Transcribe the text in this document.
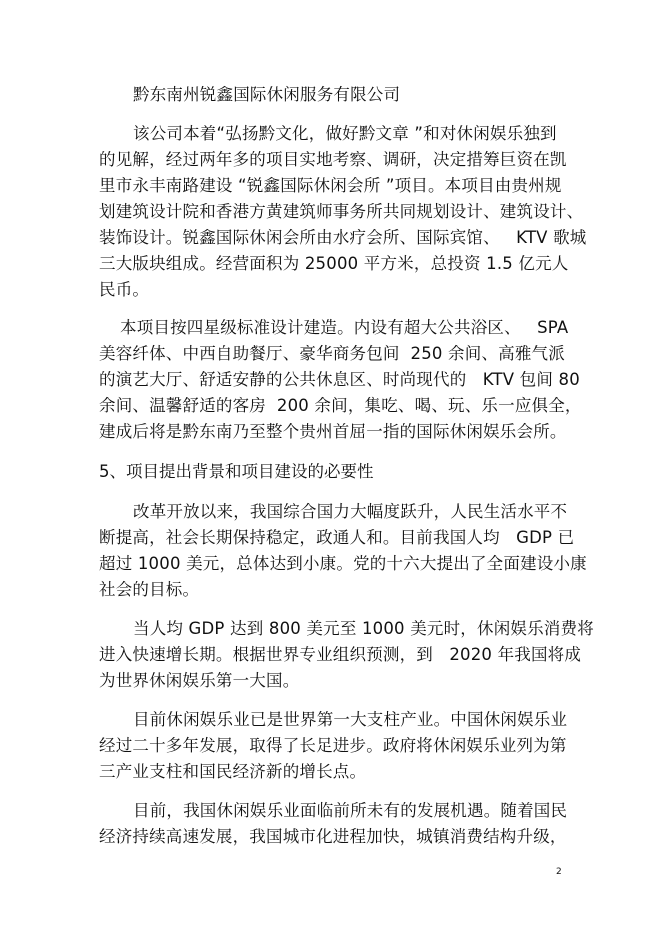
黔东南州锐鑫国际休闲服务有限公司
该公司本着“弘扬黔文化，做好黔文章 ”和对休闲娱乐独到
的见解，经过两年多的项目实地考察、调研，决定措筹巨资在凯
里市永丰南路建设 “锐鑫国际休闲会所 ”项目。本项目由贵州规
划建筑设计院和香港方黄建筑师事务所共同规划设计、建筑设计、
装饰设计。锐鑫国际休闲会所由水疗会所、国际宾馆、   KTV 歌城
三大版块组成。经营面积为 25000 平方米，总投资 1.5 亿元人
民币。
本项目按四星级标准设计建造。内设有超大公共浴区、   SPA
美容纤体、中西自助餐厅、豪华商务包间  250 余间、高雅气派
的演艺大厅、舒适安静的公共休息区、时尚现代的   KTV 包间 80
余间、温馨舒适的客房  200 余间，集吃、喝、玩、乐一应俱全，
建成后将是黔东南乃至整个贵州首屈一指的国际休闲娱乐会所。
5、项目提出背景和项目建设的必要性
改革开放以来，我国综合国力大幅度跃升，人民生活水平不
断提高，社会长期保持稳定，政通人和。目前我国人均   GDP 已
超过 1000 美元，总体达到小康。党的十六大提出了全面建设小康
社会的目标。
当人均 GDP 达到 800 美元至 1000 美元时，休闲娱乐消费将
进入快速增长期。根据世界专业组织预测，到   2020 年我国将成
为世界休闲娱乐第一大国。
目前休闲娱乐业已是世界第一大支柱产业。中国休闲娱乐业
经过二十多年发展，取得了长足进步。政府将休闲娱乐业列为第
三产业支柱和国民经济新的增长点。
目前，我国休闲娱乐业面临前所未有的发展机遇。随着国民
经济持续高速发展，我国城市化进程加快，城镇消费结构升级，
2
